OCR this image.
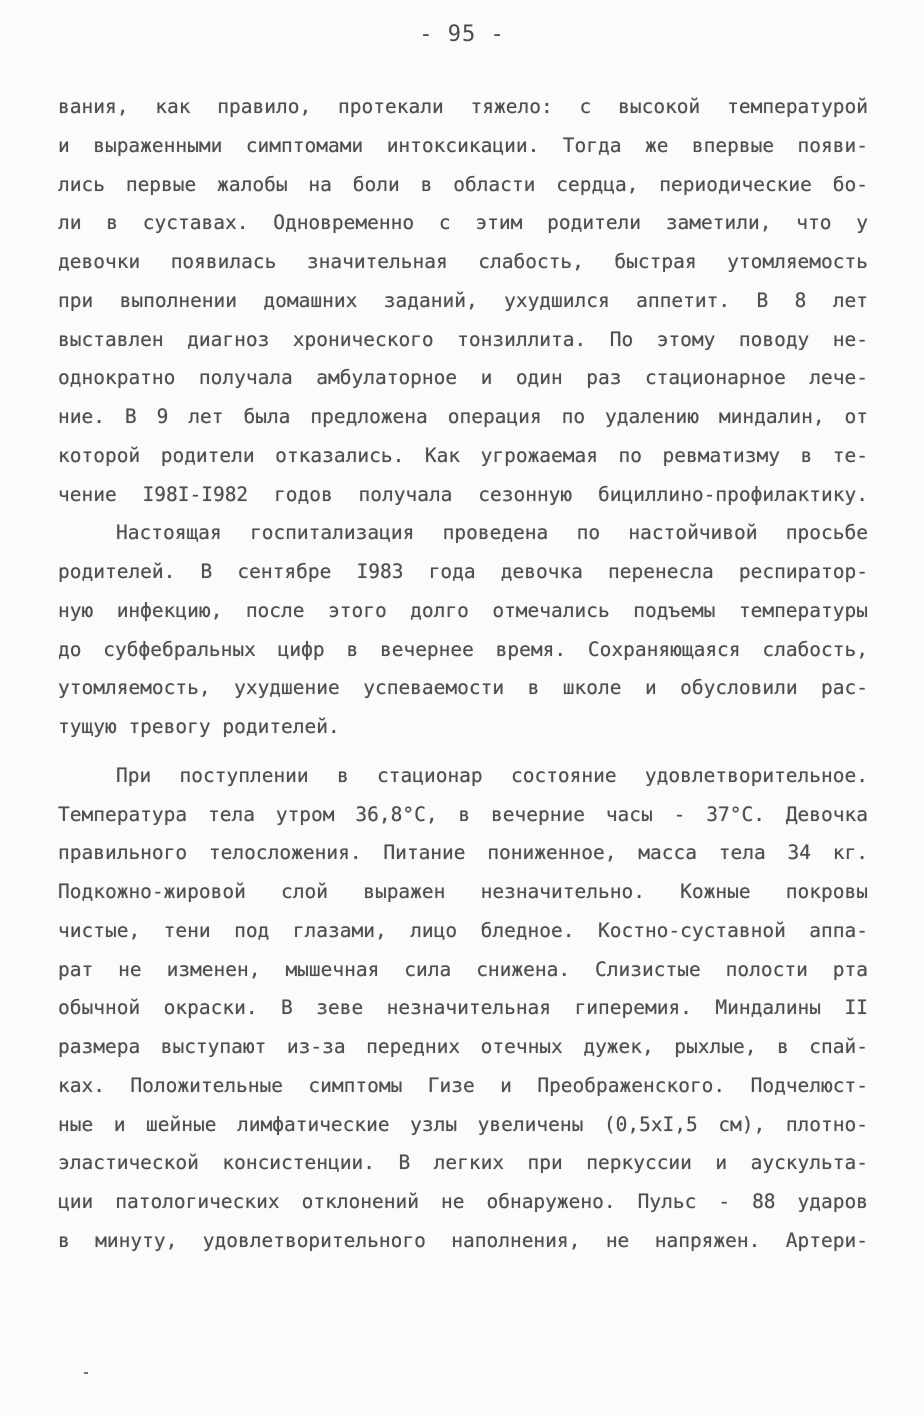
- 95 -
вания, как правило, протекали тяжело: с высокой температурой
и выраженными симптомами интоксикации. Тогда же впервые появи-
лись первые жалобы на боли в области сердца, периодические бо-
ли в суставах. Одновременно с этим родители заметили, что у
девочки появилась значительная слабость, быстрая утомляемость
при выполнении домашних заданий, ухудшился аппетит. В 8 лет
выставлен диагноз хронического тонзиллита. По этому поводу не-
однократно получала амбулаторное и один раз стационарное лече-
ние. В 9 лет была предложена операция по удалению миндалин, от
которой родители отказались. Как угрожаемая по ревматизму в те-
чение I98I-I982 годов получала сезонную бициллино-профилактику.
Настоящая госпитализация проведена по настойчивой просьбе
родителей. В сентябре I983 года девочка перенесла респиратор-
ную инфекцию, после этого долго отмечались подъемы температуры
до субфебральных цифр в вечернее время. Сохраняющаяся слабость,
утомляемость, ухудшение успеваемости в школе и обусловили рас-
тущую тревогу родителей.
При поступлении в стационар состояние удовлетворительное.
Температура тела утром 36,8°С, в вечерние часы - 37°С. Девочка
правильного телосложения. Питание пониженное, масса тела 34 кг.
Подкожно-жировой слой выражен незначительно. Кожные покровы
чистые, тени под глазами, лицо бледное. Костно-суставной аппа-
рат не изменен, мышечная сила снижена. Слизистые полости рта
обычной окраски. В зеве незначительная гиперемия. Миндалины II
размера выступают из-за передних отечных дужек, рыхлые, в спай-
ках. Положительные симптомы Гизе и Преображенского. Подчелюст-
ные и шейные лимфатические узлы увеличены (0,5хI,5 см), плотно-
эластической консистенции. В легких при перкуссии и аускульта-
ции патологических отклонений не обнаружено. Пульс - 88 ударов
в минуту, удовлетворительного наполнения, не напряжен. Артери-
